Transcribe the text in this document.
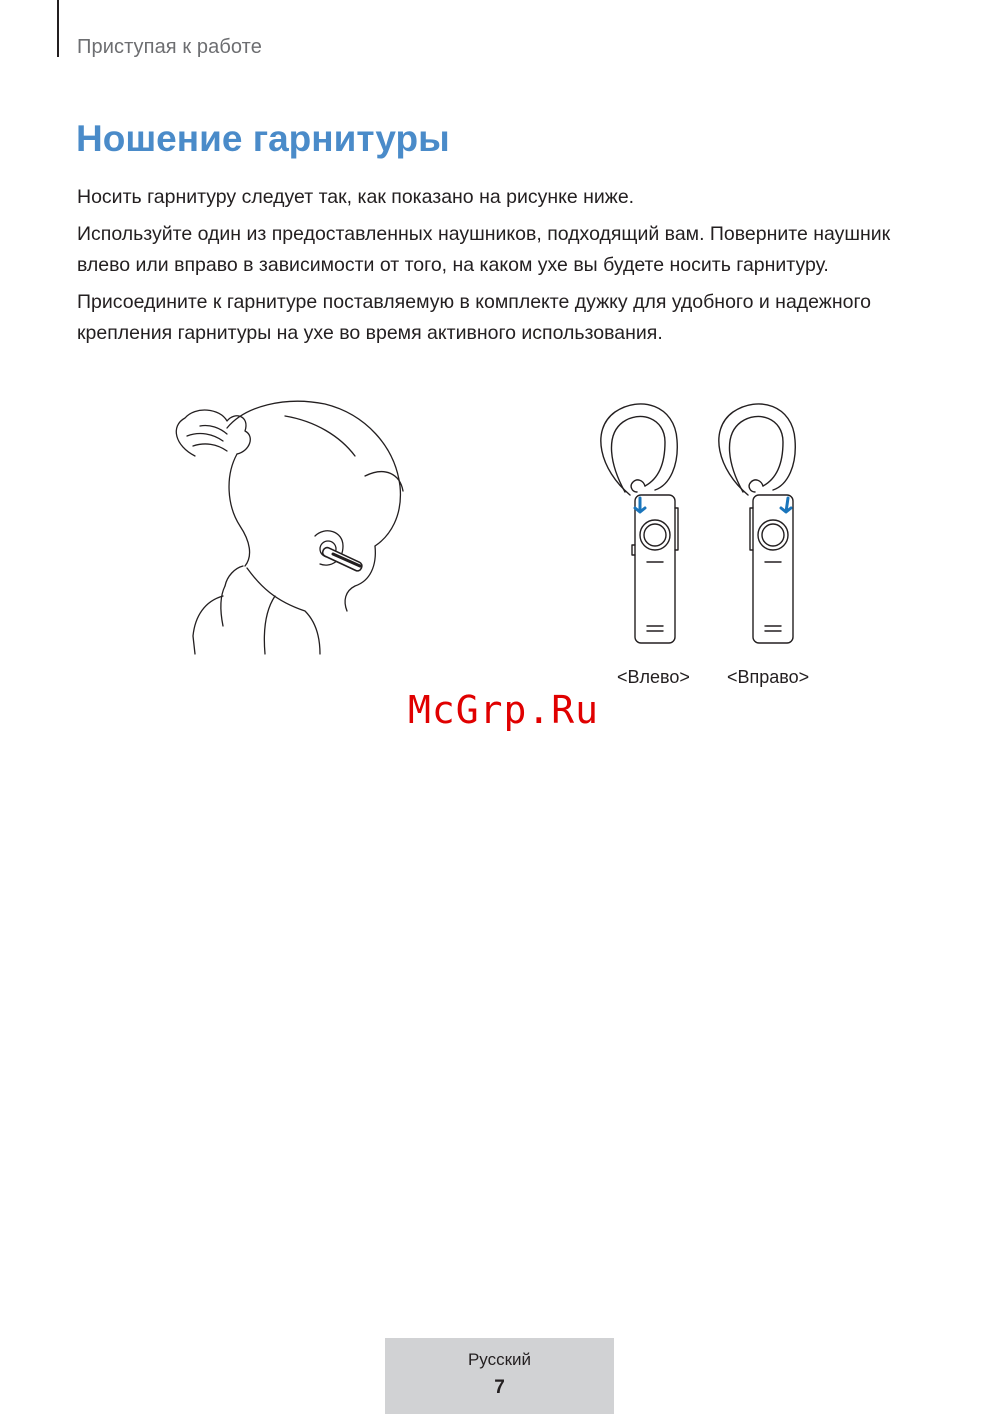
Приступая к работе
Ношение гарнитуры

Носить гарнитуру следует так, как показано на рисунке ниже.

Используйте один из предоставленных наушников, подходящий вам. Поверните наушник влево или вправо в зависимости от того, на каком ухе вы будете носить гарнитуру.

Присоедините к гарнитуре поставляемую в комплекте дужку для удобного и надежного крепления гарнитуры на ухе во время активного использования.

<Влево> <Вправо>
McGrp.Ru
Русский
7
